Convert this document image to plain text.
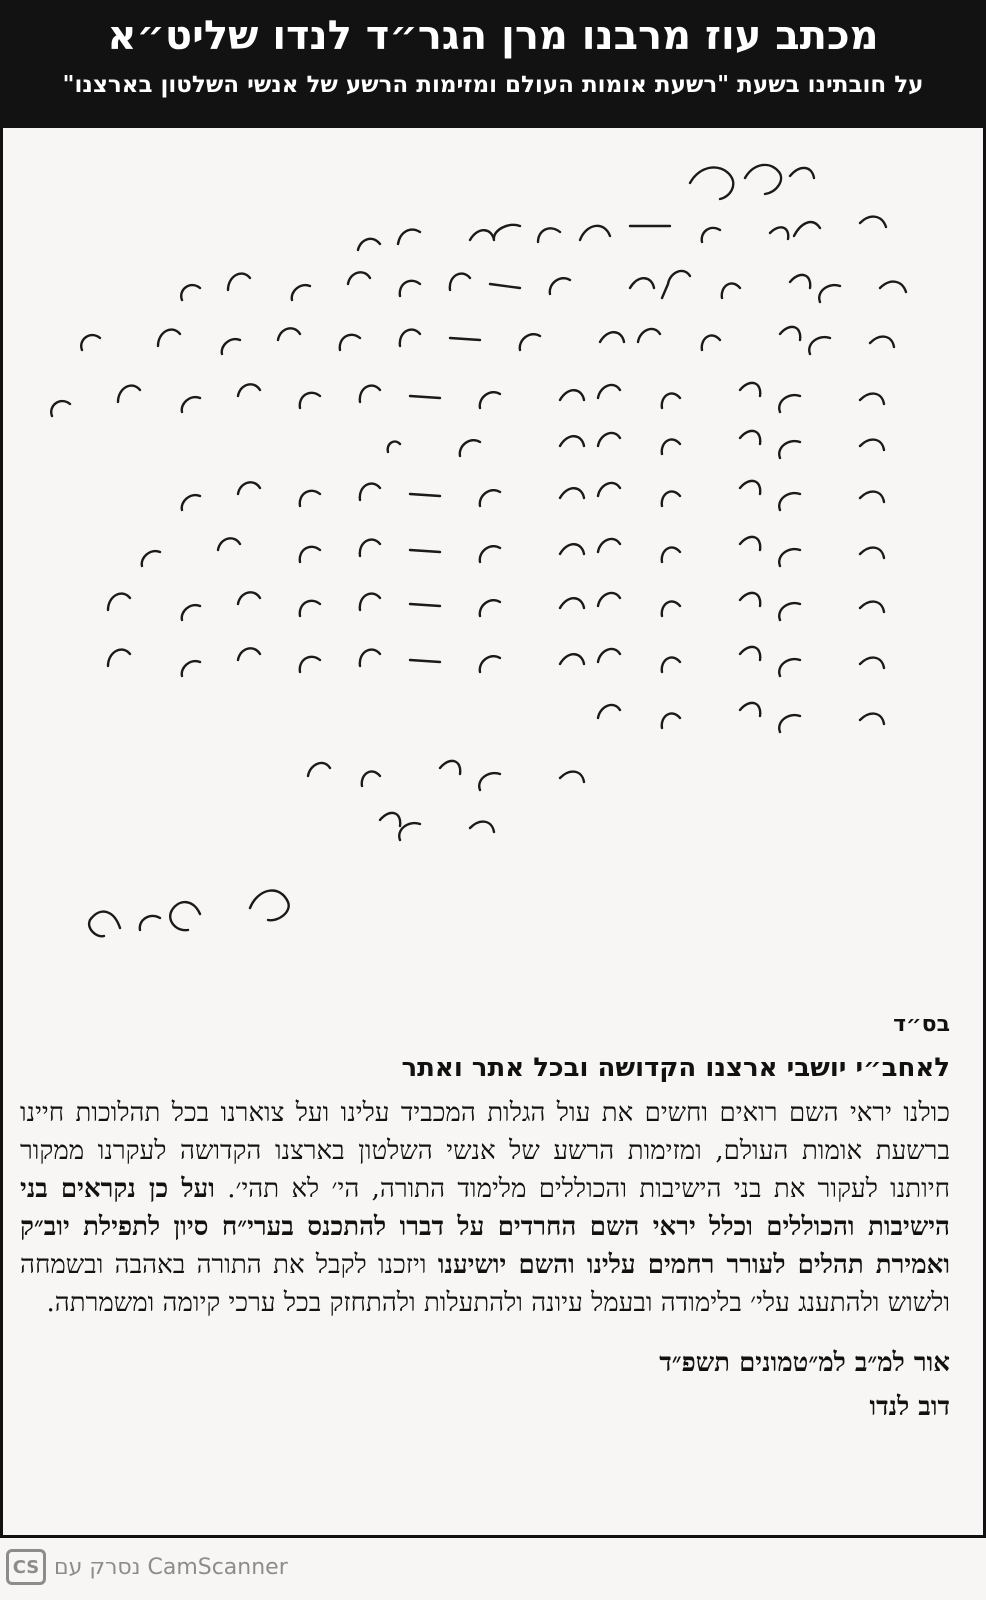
מכתב עוז מרבנו מרן הגר״ד לנדו שליט״א
על חובתינו בשעת "רשעת אומות העולם ומזימות הרשע של אנשי השלטון בארצנו"
בס״ד
לאחב״י יושבי ארצנו הקדושה ובכל אתר ואתר

כולנו יראי השם רואים וחשים את עול הגלות המכביד עלינו ועל צוארנו בכל תהלוכות חיינו ברשעת אומות העולם, ומזימות הרשע של אנשי השלטון בארצנו הקדושה לעקרנו ממקור חיותנו לעקור את בני הישיבות והכוללים מלימוד התורה, הי׳ לא תהי׳. ועל כן נקראים בני הישיבות והכוללים וכלל יראי השם החרדים על דברו להתכנס בערי״ח סיון לתפילת יוב״ק ואמירת תהלים לעורר רחמים עלינו והשם יושיענו ויזכנו לקבל את התורה באהבה ובשמחה ולשוש ולהתענג עלי׳ בלימודה ובעמל עיונה ולהתעלות ולהתחזק בכל ערכי קיומה ומשמרתה.

אור למ״ב למ״טמונים תשפ״ד
דוב לנדו
CS נסרק עם CamScanner
